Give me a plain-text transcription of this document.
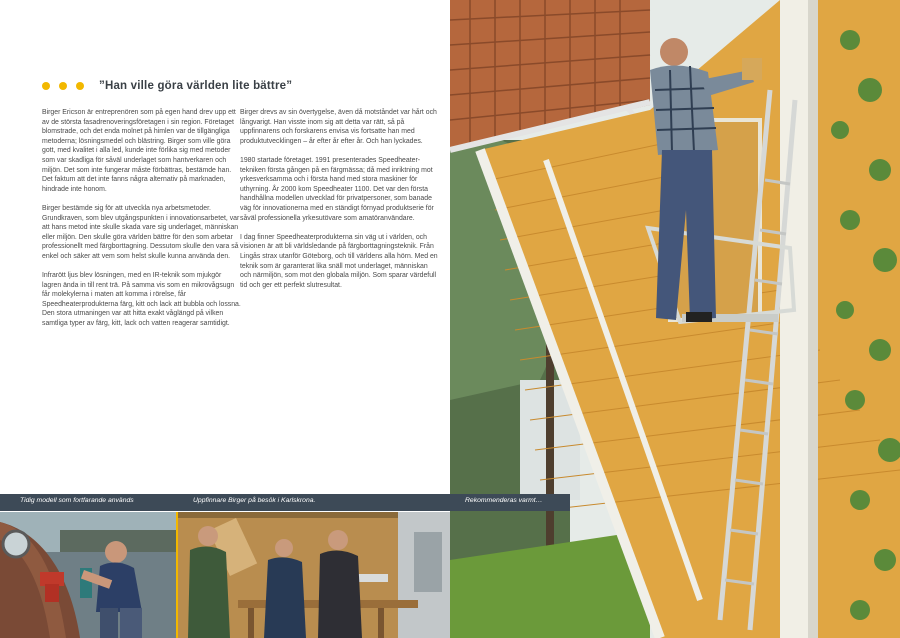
”Han ville göra världen lite bättre”

Birger Ericson är entreprenören som på egen hand drev upp ett av de största fasadrenoveringsföretagen i sin region. Företaget blomstrade, och det enda molnet på himlen var de tillgängliga metoderna; lösningsmedel och blästring. Birger som ville göra gott, med kvalitet i alla led, kunde inte förlika sig med metoder som var skadliga för såväl underlaget som hantverkaren och miljön. Det som inte fungerar måste förbättras, bestämde han. Det faktum att det inte fanns några alternativ på marknaden, hindrade inte honom.

Birger bestämde sig för att utveckla nya arbetsmetoder. Grundkraven, som blev utgångspunkten i innovationsarbetet, var att hans metod inte skulle skada vare sig underlaget, människan eller miljön. Den skulle göra världen bättre för den som arbetar professionellt med färgborttagning. Dessutom skulle den vara så enkel och säker att vem som helst skulle kunna använda den.

Infrarött ljus blev lösningen, med en IR-teknik som mjukgör lagren ända in till rent trä. På samma vis som en mikrovågsugn får molekylerna i maten att komma i rörelse, får Speedheaterprodukterna färg, kitt och lack att bubbla och lossna. Den stora utmaningen var att hitta exakt våglängd på vilken samtliga typer av färg, kitt, lack och vatten reagerar samtidigt.

Birger drevs av sin övertygelse, även då motståndet var hårt och långvarigt. Han visste inom sig att detta var rätt, så på uppfinnarens och forskarens envisa vis fortsatte han med produktutvecklingen – år efter år efter år. Och han lyckades.

1980 startade företaget. 1991 presenterades Speedheater-tekniken första gången på en färgmässa; då med inriktning mot yrkesverksamma och i första hand med stora maskiner för uthyrning. År 2000 kom Speedheater 1100. Det var den första handhållna modellen utvecklad för privatpersoner, som banade väg för innovationerna med en ständigt förnyad produktserie för såväl professionella yrkesutövare som amatöranvändare.

I dag finner Speedheaterprodukterna sin väg ut i världen, och visionen är att bli världsledande på färgborttagningsteknik. Från Lingås strax utanför Göteborg, och till världens alla hörn. Med en teknik som är garanterat lika snäll mot underlaget, människan och närmiljön, som mot den globala miljön. Som sparar värdefull tid och ger ett perfekt slutresultat.

Tidig modell som fortfarande används	Uppfinnare Birger på besök i Karlskrona.	Rekommenderas varmt…
